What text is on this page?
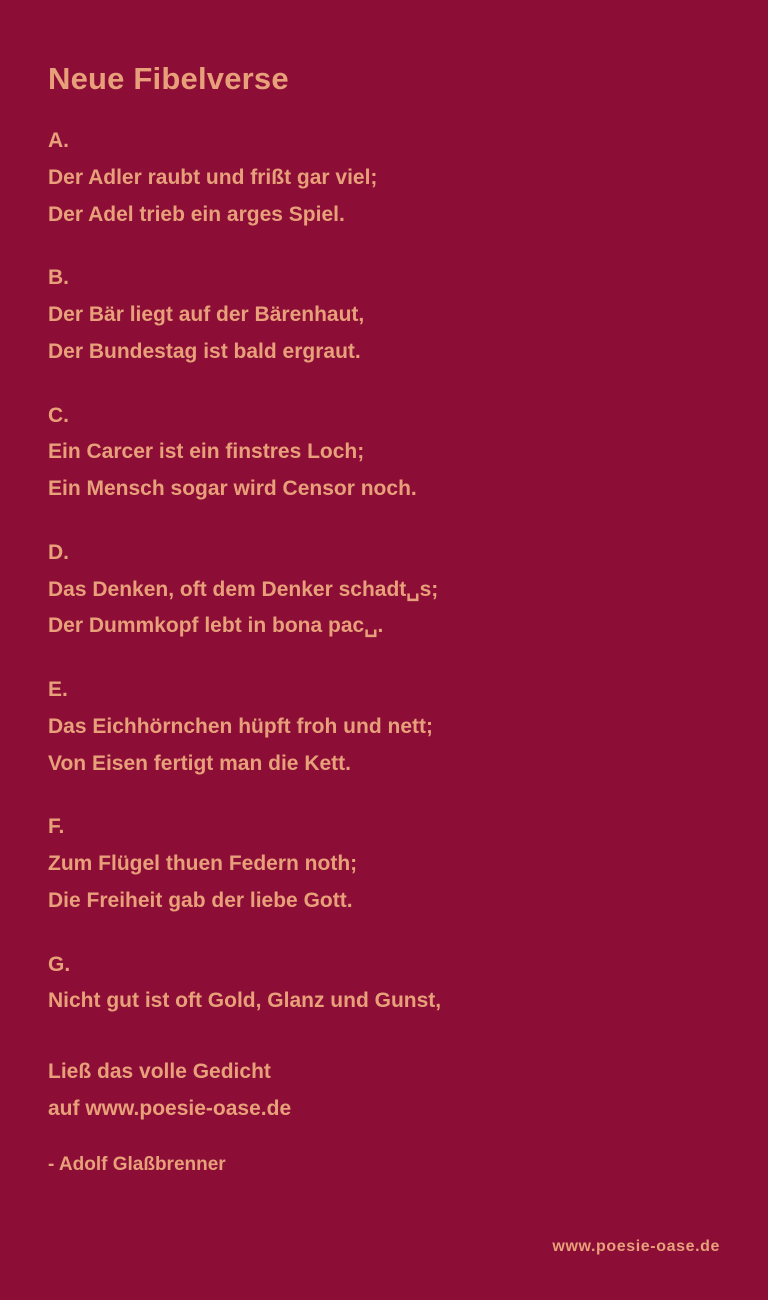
Neue Fibelverse
A.
Der Adler raubt und frißt gar viel;
Der Adel trieb ein arges Spiel.
B.
Der Bär liegt auf der Bärenhaut,
Der Bundestag ist bald ergraut.
C.
Ein Carcer ist ein finstres Loch;
Ein Mensch sogar wird Censor noch.
D.
Das Denken, oft dem Denker schadt␣s;
Der Dummkopf lebt in bona pac␣.
E.
Das Eichhörnchen hüpft froh und nett;
Von Eisen fertigt man die Kett.
F.
Zum Flügel thuen Federn noth;
Die Freiheit gab der liebe Gott.
G.
Nicht gut ist oft Gold, Glanz und Gunst,
Ließ das volle Gedicht
auf www.poesie-oase.de
- Adolf Glaßbrenner
www.poesie-oase.de
